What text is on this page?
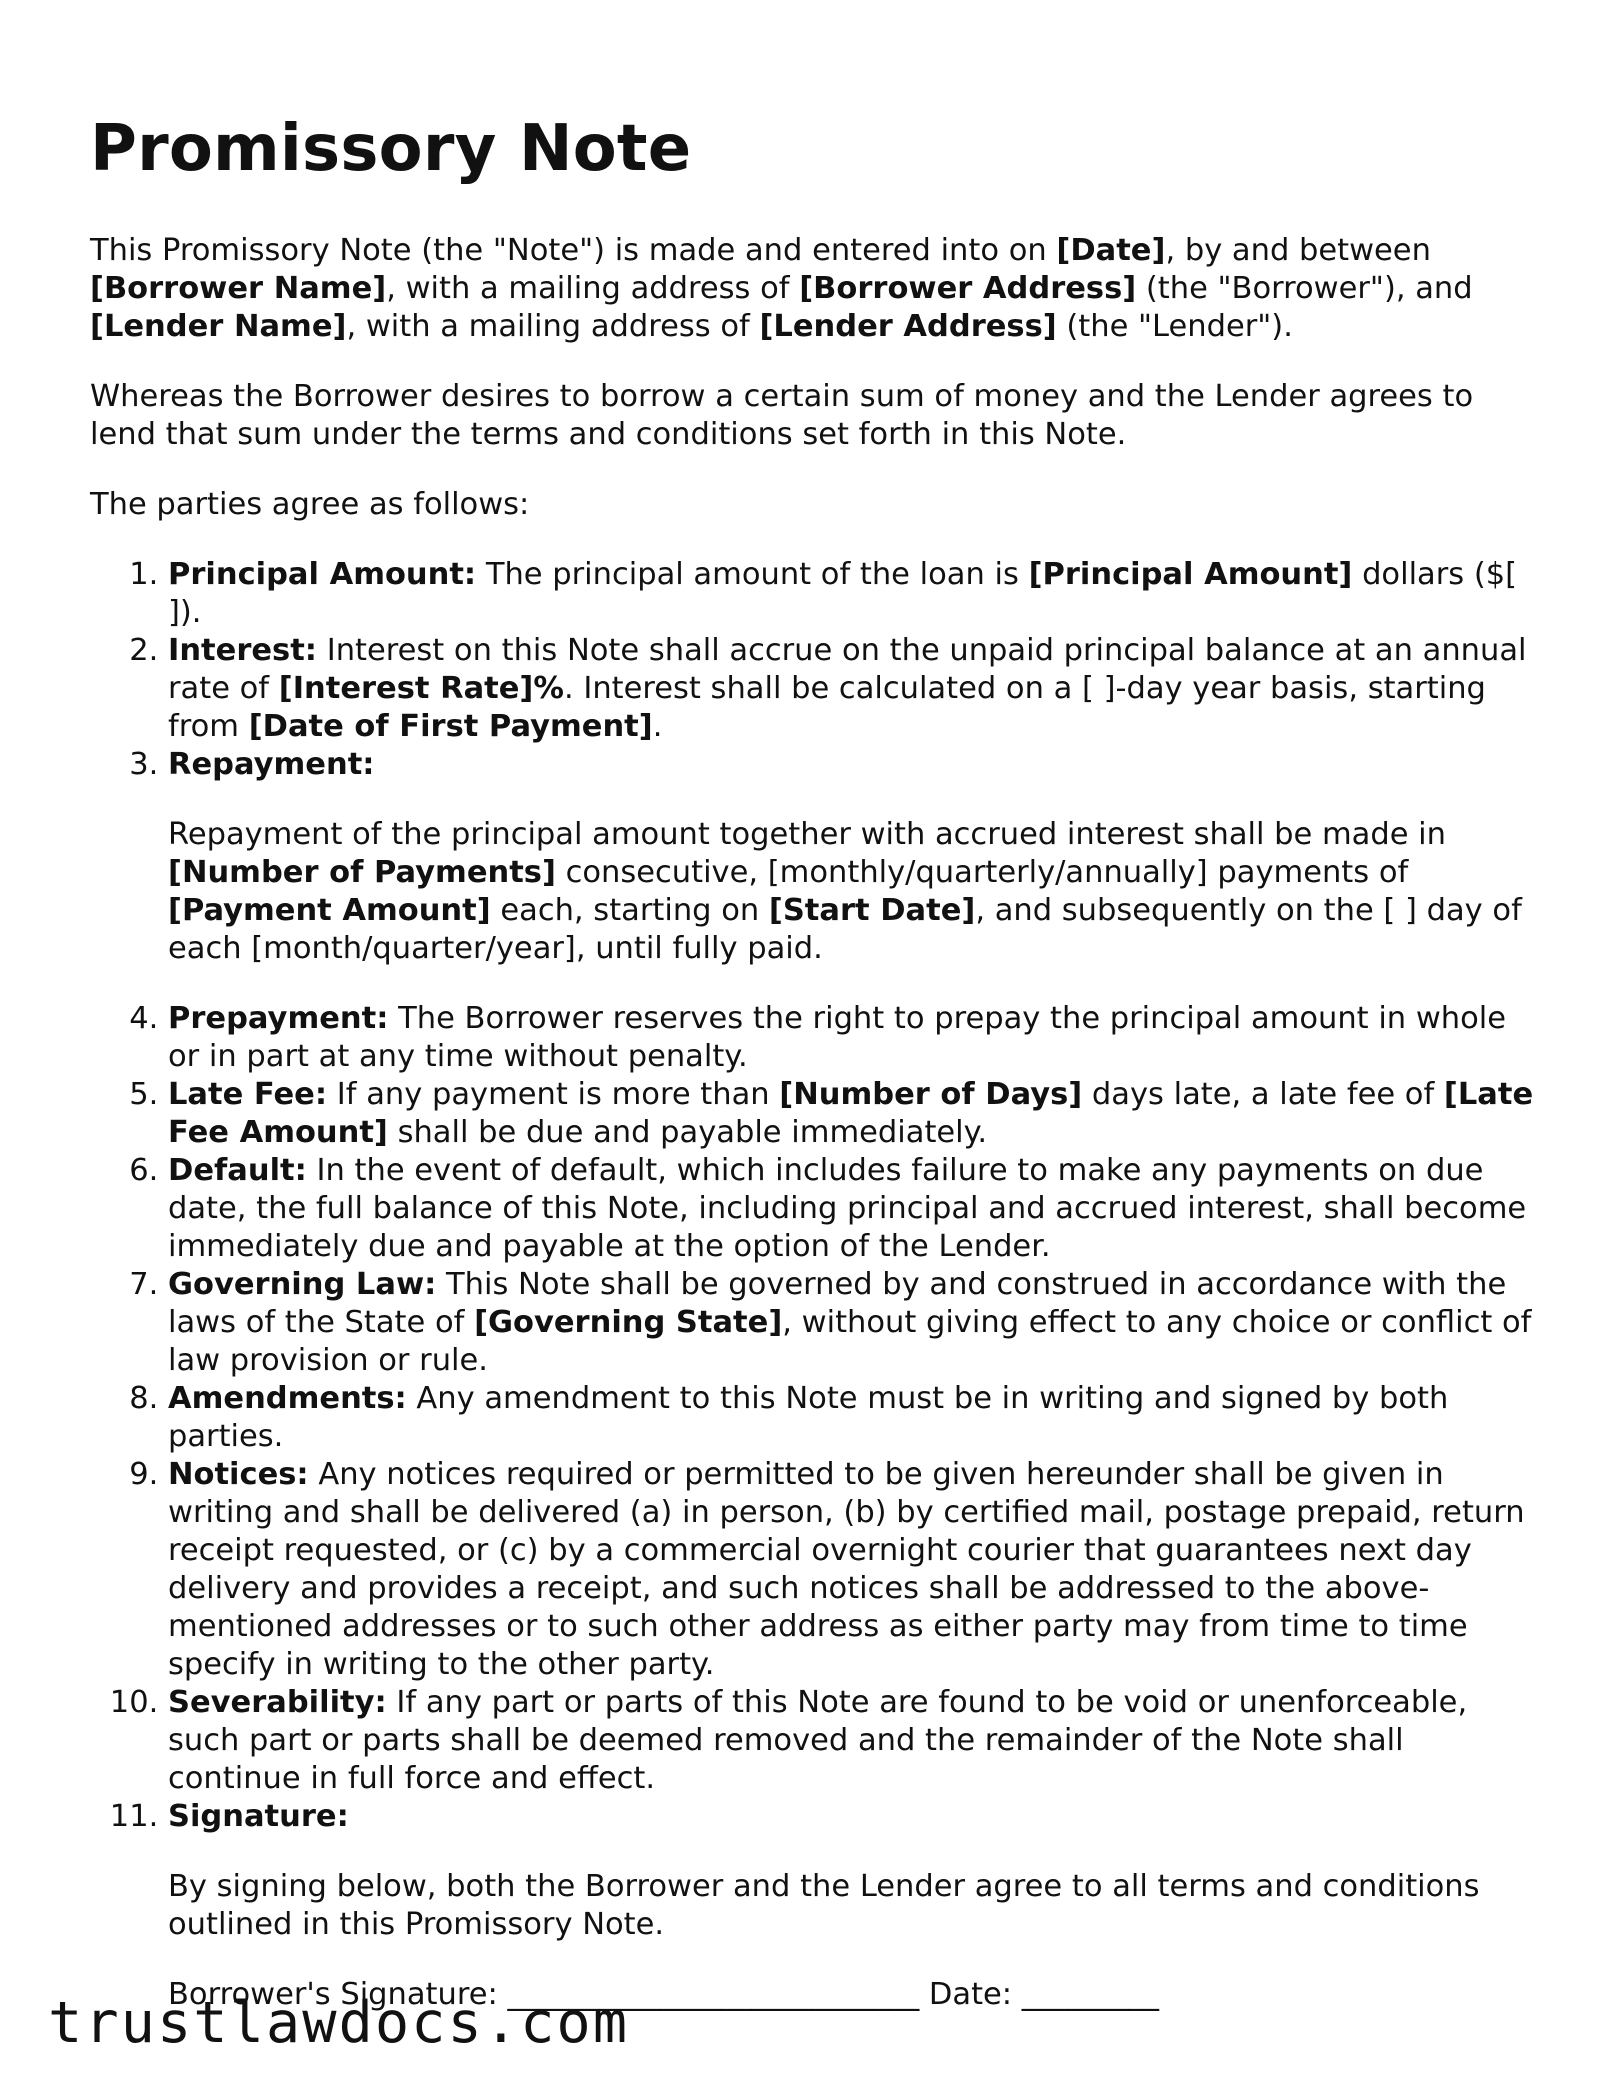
Promissory Note

This Promissory Note (the "Note") is made and entered into on [Date], by and between [Borrower Name], with a mailing address of [Borrower Address] (the "Borrower"), and [Lender Name], with a mailing address of [Lender Address] (the "Lender").

Whereas the Borrower desires to borrow a certain sum of money and the Lender agrees to lend that sum under the terms and conditions set forth in this Note.

The parties agree as follows:

1. Principal Amount: The principal amount of the loan is [Principal Amount] dollars ($[ ]).
2. Interest: Interest on this Note shall accrue on the unpaid principal balance at an annual rate of [Interest Rate]%. Interest shall be calculated on a [ ]-day year basis, starting from [Date of First Payment].
3. Repayment:

Repayment of the principal amount together with accrued interest shall be made in [Number of Payments] consecutive, [monthly/quarterly/annually] payments of [Payment Amount] each, starting on [Start Date], and subsequently on the [ ] day of each [month/quarter/year], until fully paid.

4. Prepayment: The Borrower reserves the right to prepay the principal amount in whole or in part at any time without penalty.
5. Late Fee: If any payment is more than [Number of Days] days late, a late fee of [Late Fee Amount] shall be due and payable immediately.
6. Default: In the event of default, which includes failure to make any payments on due date, the full balance of this Note, including principal and accrued interest, shall become immediately due and payable at the option of the Lender.
7. Governing Law: This Note shall be governed by and construed in accordance with the laws of the State of [Governing State], without giving effect to any choice or conflict of law provision or rule.
8. Amendments: Any amendment to this Note must be in writing and signed by both parties.
9. Notices: Any notices required or permitted to be given hereunder shall be given in writing and shall be delivered (a) in person, (b) by certified mail, postage prepaid, return receipt requested, or (c) by a commercial overnight courier that guarantees next day delivery and provides a receipt, and such notices shall be addressed to the above-mentioned addresses or to such other address as either party may from time to time specify in writing to the other party.
10. Severability: If any part or parts of this Note are found to be void or unenforceable, such part or parts shall be deemed removed and the remainder of the Note shall continue in full force and effect.
11. Signature:

By signing below, both the Borrower and the Lender agree to all terms and conditions outlined in this Promissory Note.

Borrower's Signature: ___________________________ Date: _________

trustlawdocs.com
